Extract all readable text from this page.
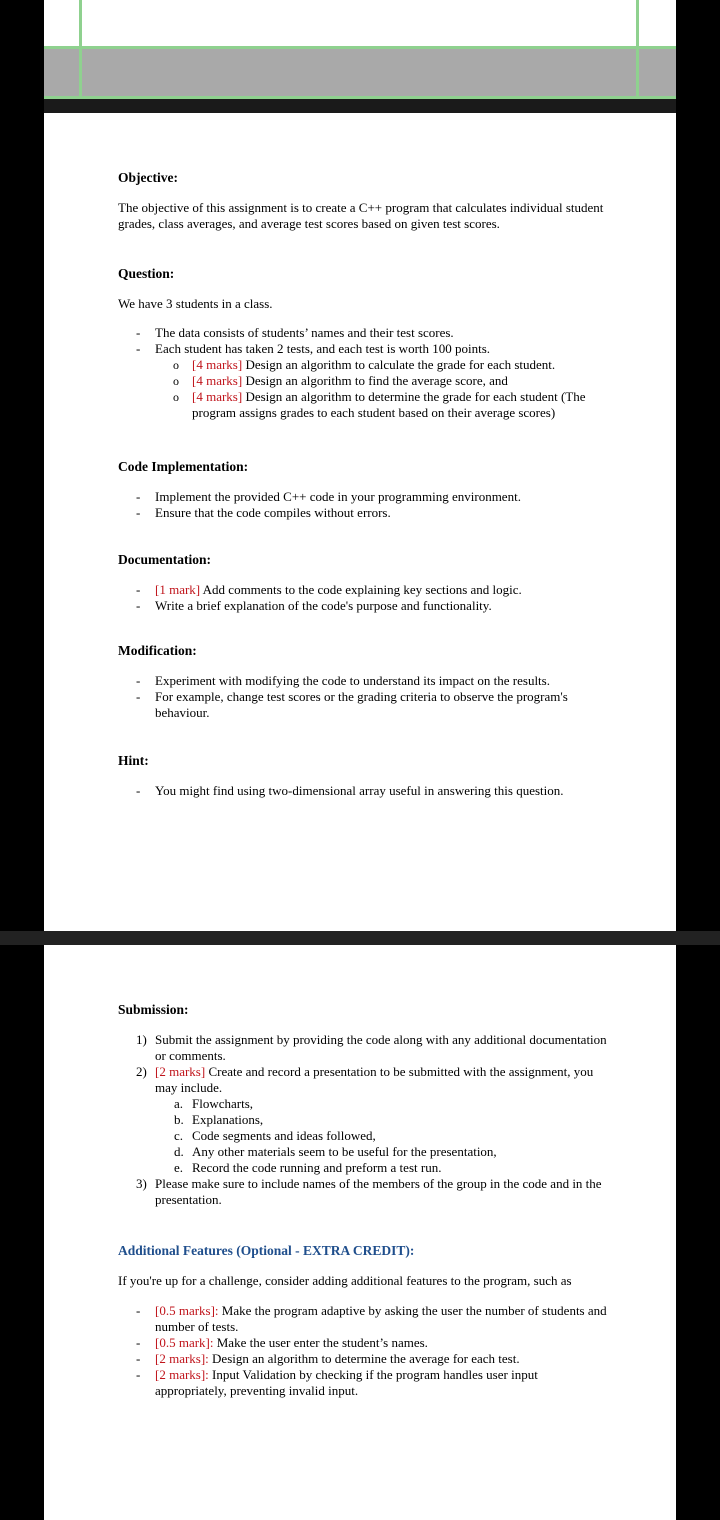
Objective:

The objective of this assignment is to create a C++ program that calculates individual student grades, class averages, and average test scores based on given test scores.

Question:

We have 3 students in a class.

- The data consists of students’ names and their test scores.
- Each student has taken 2 tests, and each test is worth 100 points.
o [4 marks] Design an algorithm to calculate the grade for each student.
o [4 marks] Design an algorithm to find the average score, and
o [4 marks] Design an algorithm to determine the grade for each student (The program assigns grades to each student based on their average scores)
Code Implementation:
- Implement the provided C++ code in your programming environment.
- Ensure that the code compiles without errors.
Documentation:
- [1 mark] Add comments to the code explaining key sections and logic.
- Write a brief explanation of the code's purpose and functionality.
Modification:
- Experiment with modifying the code to understand its impact on the results.
- For example, change test scores or the grading criteria to observe the program's behaviour.
Hint:
- You might find using two-dimensional array useful in answering this question.
Submission:
1) Submit the assignment by providing the code along with any additional documentation or comments.
2) [2 marks] Create and record a presentation to be submitted with the assignment, you may include.
a. Flowcharts,
b. Explanations,
c. Code segments and ideas followed,
d. Any other materials seem to be useful for the presentation,
e. Record the code running and preform a test run.
3) Please make sure to include names of the members of the group in the code and in the presentation.
Additional Features (Optional - EXTRA CREDIT):

If you're up for a challenge, consider adding additional features to the program, such as

- [0.5 marks]: Make the program adaptive by asking the user the number of students and number of tests.
- [0.5 mark]: Make the user enter the student’s names.
- [2 marks]: Design an algorithm to determine the average for each test.
- [2 marks]: Input Validation by checking if the program handles user input appropriately, preventing invalid input.
